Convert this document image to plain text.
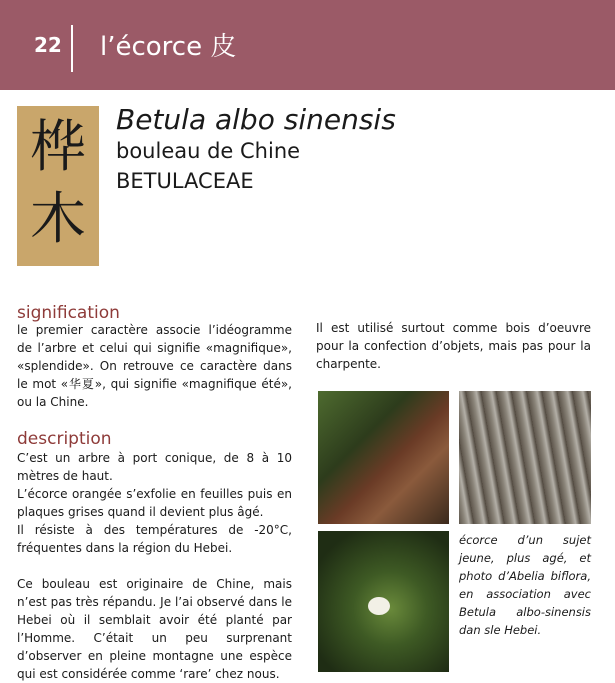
22 l’écorce 皮
桦
木
Betula albo sinensis
bouleau de Chine
BETULACEAE
signification

le premier caractère associe l’idéogramme de l’arbre et celui qui signifie «magnifique», «splendide». On retrouve ce caractère dans le mot «华夏», qui signifie «magnifique été», ou la Chine.

description

C’est un arbre à port conique, de 8 à 10 mètres de haut.

L’écorce orangée s’exfolie en feuilles puis en plaques grises quand il devient plus âgé.

Il résiste à des températures de -20°C, fréquentes dans la région du Hebei.

Ce bouleau est originaire de Chine, mais n’est pas très répandu. Je l’ai observé dans le Hebei où il semblait avoir été planté par l’Homme. C’était un peu surprenant d’observer en pleine montagne une espèce qui est considérée comme ‘rare’ chez nous.

Il est utilisé surtout comme bois d’oeuvre pour la confection d’objets, mais pas pour la charpente.
écorce d’un sujet jeune, plus agé, et photo d’Abelia biflora, en association avec Betula albo-sinensis dan sle Hebei.
